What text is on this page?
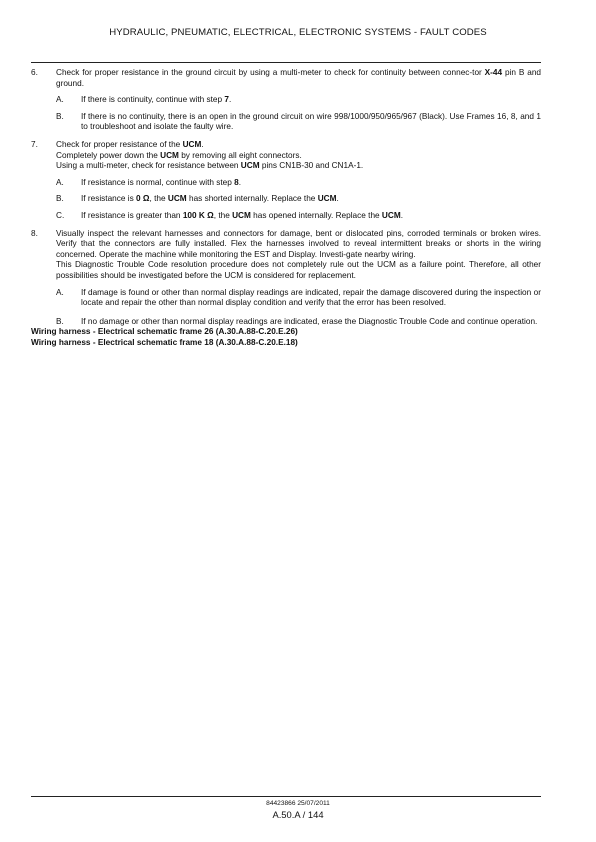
HYDRAULIC, PNEUMATIC, ELECTRICAL, ELECTRONIC SYSTEMS - FAULT CODES
6.	Check for proper resistance in the ground circuit by using a multi-meter to check for continuity between connec-tor X-44 pin B and ground.
A.	If there is continuity, continue with step 7.
B.	If there is no continuity, there is an open in the ground circuit on wire 998/1000/950/965/967 (Black). Use Frames 16, 8, and 1 to troubleshoot and isolate the faulty wire.
7.	Check for proper resistance of the UCM.
Completely power down the UCM by removing all eight connectors.
Using a multi-meter, check for resistance between UCM pins CN1B-30 and CN1A-1.
A.	If resistance is normal, continue with step 8.
B.	If resistance is 0 Ω, the UCM has shorted internally. Replace the UCM.
C.	If resistance is greater than 100 K Ω, the UCM has opened internally. Replace the UCM.
8.	Visually inspect the relevant harnesses and connectors for damage, bent or dislocated pins, corroded terminals or broken wires. Verify that the connectors are fully installed. Flex the harnesses involved to reveal intermittent breaks or shorts in the wiring concerned. Operate the machine while monitoring the EST and Display. Investi-gate nearby wiring.
This Diagnostic Trouble Code resolution procedure does not completely rule out the UCM as a failure point. Therefore, all other possibilities should be investigated before the UCM is considered for replacement.
A.	If damage is found or other than normal display readings are indicated, repair the damage discovered during the inspection or locate and repair the other than normal display condition and verify that the error has been resolved.
B.	If no damage or other than normal display readings are indicated, erase the Diagnostic Trouble Code and continue operation.
Wiring harness - Electrical schematic frame 26 (A.30.A.88-C.20.E.26)
Wiring harness - Electrical schematic frame 18 (A.30.A.88-C.20.E.18)
84423866 25/07/2011
A.50.A / 144
